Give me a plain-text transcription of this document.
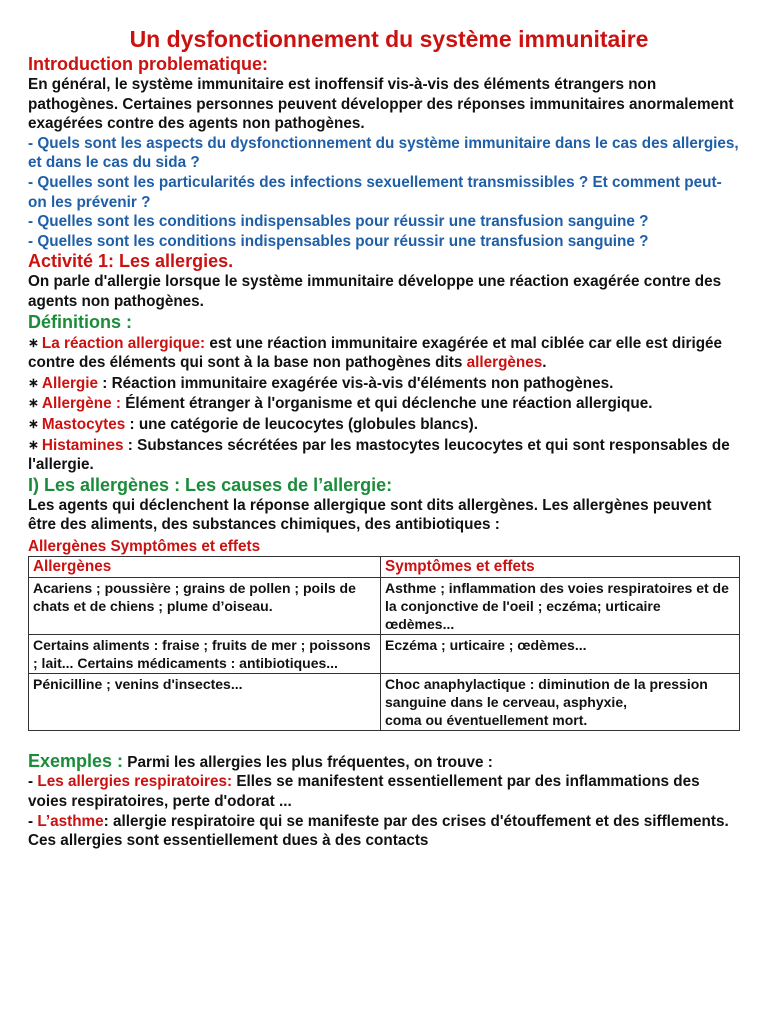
Un dysfonctionnement du système immunitaire
Introduction problematique:

En général, le système immunitaire est inoffensif vis-à-vis des éléments étrangers non pathogènes. Certaines personnes peuvent développer des réponses immunitaires anormalement exagérées contre des agents non pathogènes.

- Quels sont les aspects du dysfonctionnement du système immunitaire dans le cas des allergies, et dans le cas du sida ?

- Quelles sont les particularités des infections sexuellement transmissibles ? Et comment peut-on les prévenir ?

- Quelles sont les conditions indispensables pour réussir une transfusion sanguine ?

- Quelles sont les conditions indispensables pour réussir une transfusion sanguine ?

Activité 1: Les allergies.

On parle d'allergie lorsque le système immunitaire développe une réaction exagérée contre des agents non pathogènes.

Définitions :

∗ La réaction allergique: est une réaction immunitaire exagérée et mal ciblée car elle est dirigée contre des éléments qui sont à la base non pathogènes dits allergènes.

∗ Allergie : Réaction immunitaire exagérée vis-à-vis d'éléments non pathogènes.

∗ Allergène : Élément étranger à l'organisme et qui déclenche une réaction allergique.

∗ Mastocytes : une catégorie de leucocytes (globules blancs).

∗ Histamines : Substances sécrétées par les mastocytes leucocytes et qui sont responsables de l'allergie.

I) Les allergènes : Les causes de l’allergie:

Les agents qui déclenchent la réponse allergique sont dits allergènes. Les allergènes peuvent être des aliments, des substances chimiques, des antibiotiques :

Allergènes Symptômes et effets
Allergènes	Symptômes et effets
Acariens ; poussière ; grains de pollen ; poils de chats et de chiens ; plume d’oiseau.	Asthme ; inflammation des voies respiratoires et de la conjonctive de l'oeil ; eczéma; urticaire œdèmes...
Certains aliments : fraise ; fruits de mer ; poissons ; lait... Certains médicaments : antibiotiques...	Eczéma ; urticaire ; œdèmes...
Pénicilline ; venins d'insectes...	Choc anaphylactique : diminution de la pression sanguine dans le cerveau, asphyxie,
coma ou éventuellement mort.

Exemples : Parmi les allergies les plus fréquentes, on trouve :

- Les allergies respiratoires: Elles se manifestent essentiellement par des inflammations des voies respiratoires, perte d'odorat ...

- L’asthme: allergie respiratoire qui se manifeste par des crises d'étouffement et des sifflements. Ces allergies sont essentiellement dues à des contacts
